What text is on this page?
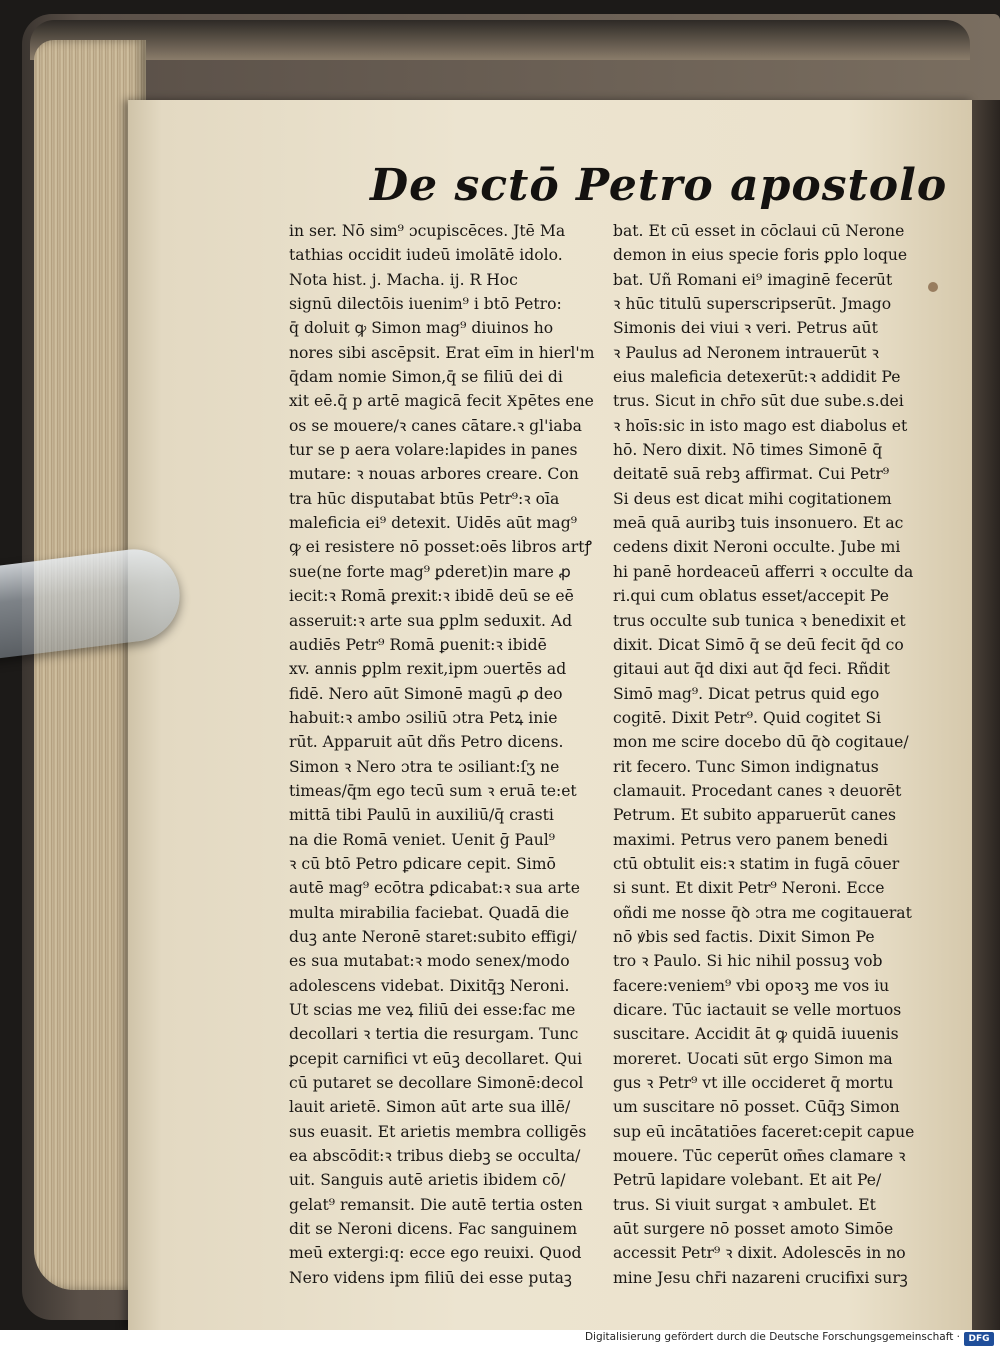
De sctō Petro apostolo
in ser. Nō sim⁹ ɔcupiscēces. Jtē Ma
tathias occidit iudeū imolātē idolo.
Nota hist. j. Macha. ij. R Hoc
signū dilectōis iuenim⁹ i btō Petro:
q̄ doluit ꝙ Simon mag⁹ diuinos ho
nores sibi ascēpsit. Erat eīm in hierl'm
q̄dam nomie Simon,q̄ se filiū dei di
xit eē.q̄ p artē magicā fecit Ӿpētes ene
os se mouere/ꝛ canes cātare.ꝛ gl'iaba
tur se p aera volare:lapides in panes
mutare: ꝛ nouas arbores creare. Con
tra hūc disputabat btūs Petr⁹:ꝛ oīa
maleficia ei⁹ detexit. Uidēs aūt mag⁹
ꝙ ei resistere nō posset:oēs libros artꝭ
sue(ne forte mag⁹ ꝑderet)in mare ꝓ
iecit:ꝛ Romā ꝑrexit:ꝛ ibidē deū se eē
asseruit:ꝛ arte sua ꝑplm seduxit. Ad
audiēs Petr⁹ Romā ꝑuenit:ꝛ ibidē
xv. annis ꝑplm rexit,ipm ɔuertēs ad
fidē. Nero aūt Simonē magū ꝓ deo
habuit:ꝛ ambo ɔsiliū ɔtra Petꝝ inie
rūt. Apparuit aūt dñs Petro dicens.
Simon ꝛ Nero ɔtra te ɔsiliant:ſʒ ne
timeas/q̄m ego tecū sum ꝛ eruā te:et
mittā tibi Paulū in auxiliū/q̄ crasti
na die Romā veniet. Uenit ḡ Paul⁹
ꝛ cū btō Petro ꝑdicare cepit. Simō
autē mag⁹ ecōtra ꝑdicabat:ꝛ sua arte
multa mirabilia faciebat. Quadā die
duꝫ ante Neronē staret:subito effigi/
es sua mutabat:ꝛ modo senex/modo
adolescens videbat. Dixitq̄ꝫ Neroni.
Ut scias me veꝝ filiū dei esse:fac me
decollari ꝛ tertia die resurgam. Tunc
ꝑcepit carnifici vt eūꝫ decollaret. Qui
cū putaret se decollare Simonē:decol
lauit arietē. Simon aūt arte sua illē/
sus euasit. Et arietis membra colligēs
ea abscōdit:ꝛ tribus diebꝫ se occulta/
uit. Sanguis autē arietis ibidem cō/
gelat⁹ remansit. Die autē tertia osten
dit se Neroni dicens. Fac sanguinem
meū extergi:q: ecce ego reuixi. Quod
Nero videns ipm filiū dei esse putaꝫ
bat. Et cū esset in cōclaui cū Nerone
demon in eius specie foris ꝑplo loque
bat. Uñ Romani ei⁹ imaginē fecerūt
ꝛ hūc titulū superscripserūt. Jmago
Simonis dei viui ꝛ veri. Petrus aūt
ꝛ Paulus ad Neronem intrauerūt ꝛ
eius maleficia detexerūt:ꝛ addidit Pe
trus. Sicut in chr̄o sūt due sube.s.dei
ꝛ hoīs:sic in isto mago est diabolus et
hō. Nero dixit. Nō times Simonē q̄
deitatē suā rebꝫ affirmat. Cui Petr⁹
Si deus est dicat mihi cogitationem
meā quā auribꝫ tuis insonuero. Et ac
cedens dixit Neroni occulte. Jube mi
hi panē hordeaceū afferri ꝛ occulte da
ri.qui cum oblatus esset/accepit Pe
trus occulte sub tunica ꝛ benedixit et
dixit. Dicat Simō q̄ se deū fecit q̄d co
gitaui aut q̄d dixi aut q̄d feci. Rñdit
Simō mag⁹. Dicat petrus quid ego
cogitē. Dixit Petr⁹. Quid cogitet Si
mon me scire docebo dū q̄ꝺ cogitaue/
rit fecero. Tunc Simon indignatus
clamauit. Procedant canes ꝛ deuorēt
Petrum. Et subito apparuerūt canes
maximi. Petrus vero panem benedi
ctū obtulit eis:ꝛ statim in fugā cōuer
si sunt. Et dixit Petr⁹ Neroni. Ecce
oñdi me nosse q̄ꝺ ɔtra me cogitauerat
nō ꝟbis sed factis. Dixit Simon Pe
tro ꝛ Paulo. Si hic nihil possuꝫ vob
facere:veniem⁹ vbi opoꝛꝫ me vos iu
dicare. Tūc iactauit se velle mortuos
suscitare. Accidit āt ꝙ quidā iuuenis
moreret. Uocati sūt ergo Simon ma
gus ꝛ Petr⁹ vt ille occideret q̄ mortu
um suscitare nō posset. Cūq̄ꝫ Simon
sup eū incātatiōes faceret:cepit capue
mouere. Tūc ceperūt om̄es clamare ꝛ
Petrū lapidare volebant. Et ait Pe/
trus. Si viuit surgat ꝛ ambulet. Et
aūt surgere nō posset amoto Simōe
accessit Petr⁹ ꝛ dixit. Adolescēs in no
mine Jesu chr̄i nazareni crucifixi surꝫ
Digitalisierung gefördert durch die Deutsche Forschungsgemeinschaft · DFG
